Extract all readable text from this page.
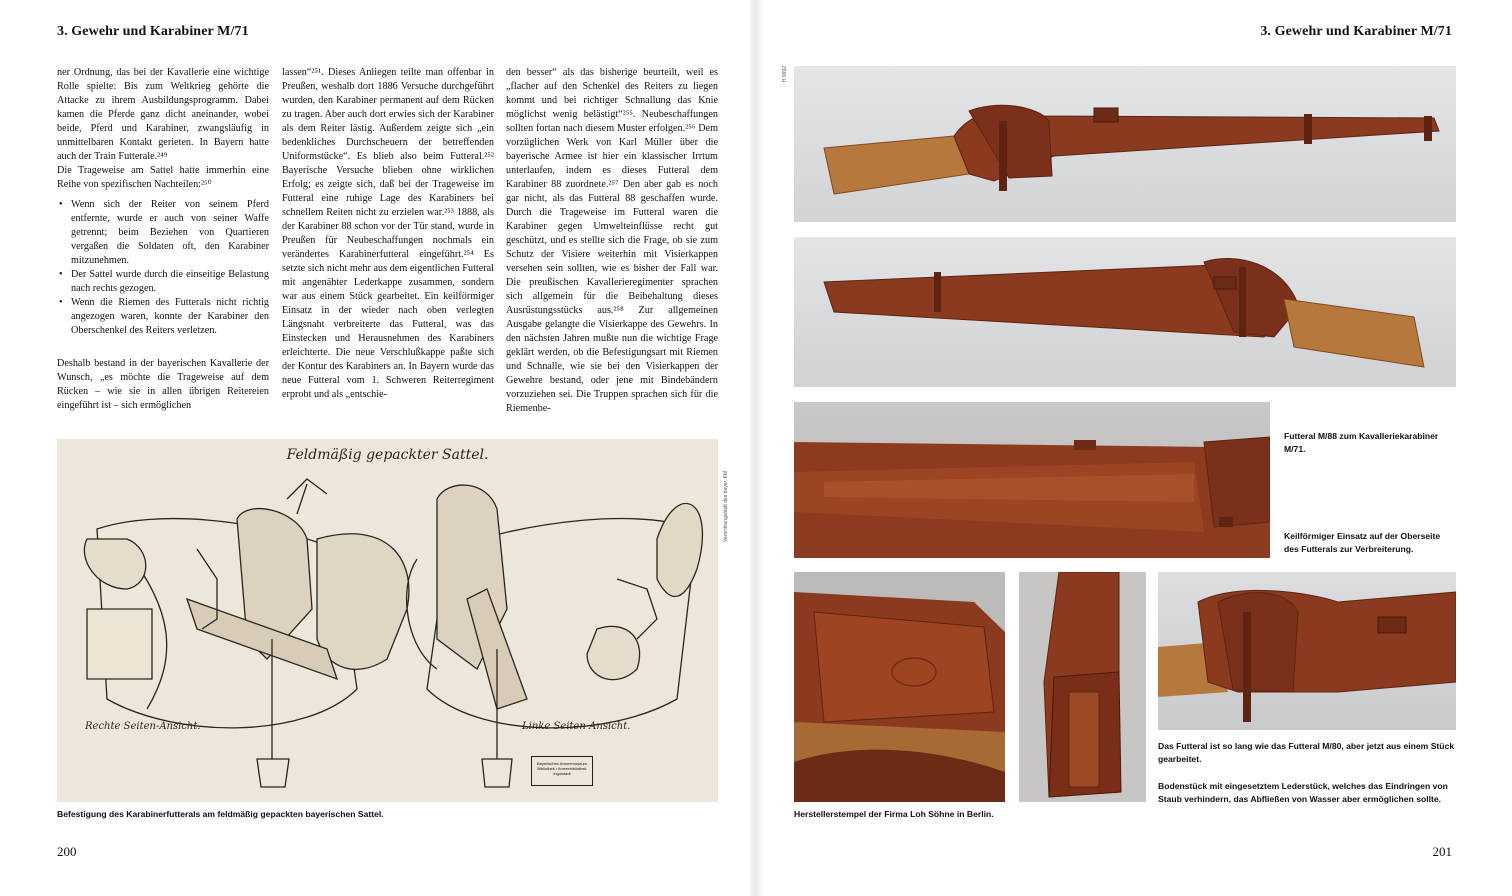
3. Gewehr und Karabiner M/71

ner Ordnung, das bei der Kavallerie eine wichtige Rolle spielte: Bis zum Weltkrieg gehörte die Attacke zu ihrem Ausbildungsprogramm. Dabei kamen die Pferde ganz dicht aneinander, wobei beide, Pferd und Karabiner, zwangsläufig in unmittelbaren Kontakt gerieten. In Bayern hatte auch der Train Futterale.²⁴⁹

Die Trageweise am Sattel hatte immerhin eine Reihe von spezifischen Nachteilen:²⁵⁰

• Wenn sich der Reiter von seinem Pferd entfernte, wurde er auch von seiner Waffe getrennt; beim Beziehen von Quartieren vergaßen die Soldaten oft, den Karabiner mitzunehmen.
• Der Sattel wurde durch die einseitige Belastung nach rechts gezogen.
• Wenn die Riemen des Futterals nicht richtig angezogen waren, konnte der Karabiner den Oberschenkel des Reiters verletzen.

Deshalb bestand in der bayerischen Kavallerie der Wunsch, „es möchte die Trageweise auf dem Rücken – wie sie in allen übrigen Reitereien eingeführt ist – sich ermöglichen

lassen“²⁵¹. Dieses Anliegen teilte man offenbar in Preußen, weshalb dort 1886 Versuche durchgeführt wurden, den Karabiner permanent auf dem Rücken zu tragen. Aber auch dort erwies sich der Karabiner als dem Reiter lästig. Außerdem zeigte sich „ein bedenkliches Durchscheuern der betreffenden Uniformstücke“. Es blieb also beim Futteral.²⁵² Bayerische Versuche blieben ohne wirklichen Erfolg; es zeigte sich, daß bei der Trageweise im Futteral eine ruhige Lage des Karabiners bei schnellem Reiten nicht zu erzielen war.²⁵³ 1888, als der Karabiner 88 schon vor der Tür stand, wurde in Preußen für Neubeschaffungen nochmals ein verändertes Karabinerfutteral eingeführt.²⁵⁴ Es setzte sich nicht mehr aus dem eigentlichen Futteral mit angenähter Lederkappe zusammen, sondern war aus einem Stück gearbeitet. Ein keilförmiger Einsatz in der wieder nach oben verlegten Längsnaht verbreiterte das Futteral, was das Einstecken und Herausnehmen des Karabiners erleichterte. Die neue Verschlußkappe paßte sich der Kontur des Karabiners an. In Bayern wurde das neue Futteral vom 1. Schweren Reiterregiment erprobt und als „entschie-

den besser“ als das bisherige beurteilt, weil es „flacher auf den Schenkel des Reiters zu liegen kommt und bei richtiger Schnallung das Knie möglichst wenig belästigt“²⁵⁵. Neubeschaffungen sollten fortan nach diesem Muster erfolgen.²⁵⁶ Dem vorzüglichen Werk von Karl Müller über die bayerische Armee ist hier ein klassischer Irrtum unterlaufen, indem es dieses Futteral dem Karabiner 88 zuordnete.²⁵⁷ Den aber gab es noch gar nicht, als das Futteral 88 geschaffen wurde. Durch die Trageweise im Futteral waren die Karabiner gegen Umwelteinflüsse recht gut geschützt, und es stellte sich die Frage, ob sie zum Schutz der Visiere weiterhin mit Visierkappen versehen sein sollten, wie es bisher der Fall war. Die preußischen Kavallerieregimenter sprachen sich allgemein für die Beibehaltung dieses Ausrüstungsstücks aus.²⁵⁸ Zur allgemeinen Ausgabe gelangte die Visierkappe des Gewehrs. In den nächsten Jahren mußte nun die wichtige Frage geklärt werden, ob die Befestigungsart mit Riemen und Schnalle, wie sie bei den Visierkappen der Gewehre bestand, oder jene mit Bindebändern vorzuziehen sei. Die Truppen sprachen sich für die Riemenbe-

Feldmäßig gepackter Sattel.
Rechte Seiten-Ansicht.	Linke Seiten-Ansicht.
Bayerisches Armeemuseum
Bibliothek / Armeebibliothek
Ingolstadt
Verordnungsblatt des bayer. KM
Befestigung des Karabinerfutterals am feldmäßig gepackten bayerischen Sattel.
200
3. Gewehr und Karabiner M/71
H 9692
Futteral M/88 zum Kavalleriekarabiner M/71.
Keilförmiger Einsatz auf der Oberseite des Futterals zur Verbreiterung.
Herstellerstempel der Firma Loh Söhne in Berlin.
Das Futteral ist so lang wie das Futteral M/80, aber jetzt aus einem Stück gearbeitet.
Bodenstück mit eingesetztem Lederstück, welches das Eindringen von Staub verhindern, das Abfließen von Wasser aber ermöglichen sollte.
201
